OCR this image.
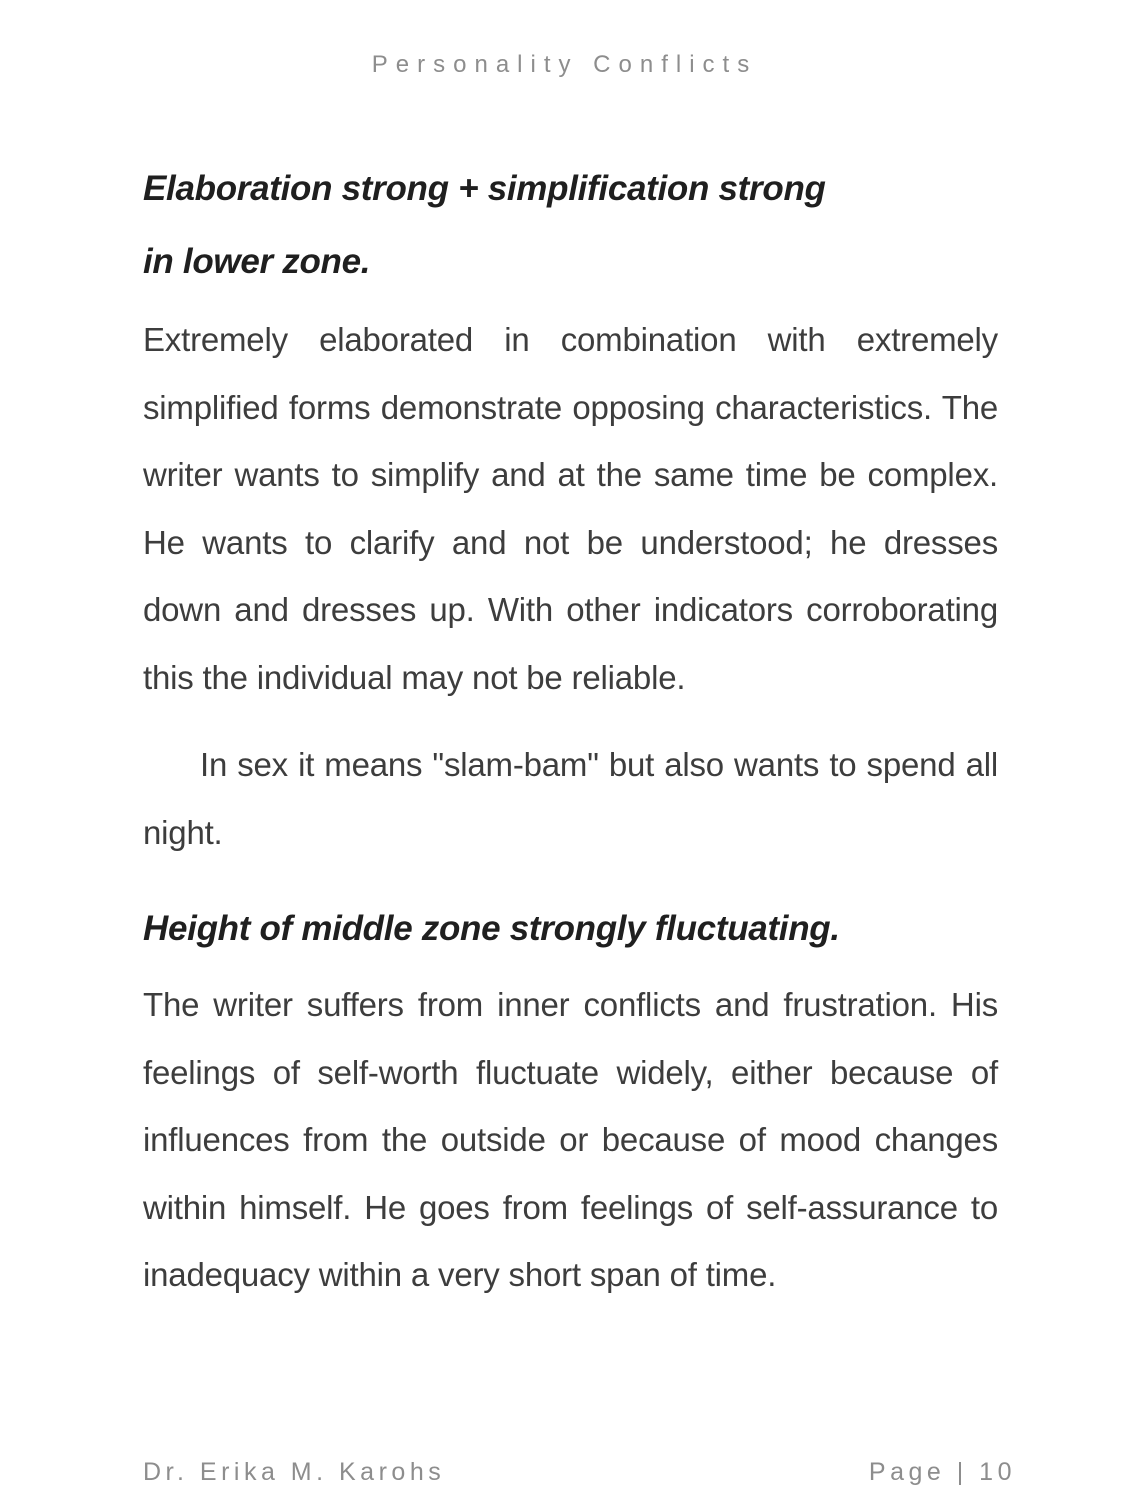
Personality Conflicts
Elaboration strong + simplification strong
in lower zone.

Extremely elaborated in combination with extremely simplified forms demonstrate opposing characteristics. The writer wants to simplify and at the same time be complex. He wants to clarify and not be understood; he dresses down and dresses up. With other indicators corroborating this the individual may not be reliable.

In sex it means "slam-bam" but also wants to spend all night.

Height of middle zone strongly fluctuating.

The writer suffers from inner conflicts and frustration. His feelings of self-worth fluctuate widely, either because of influences from the outside or because of mood changes within himself. He goes from feelings of self-assurance to inadequacy within a very short span of time.

Dr. Erika M. Karohs	Page | 10
